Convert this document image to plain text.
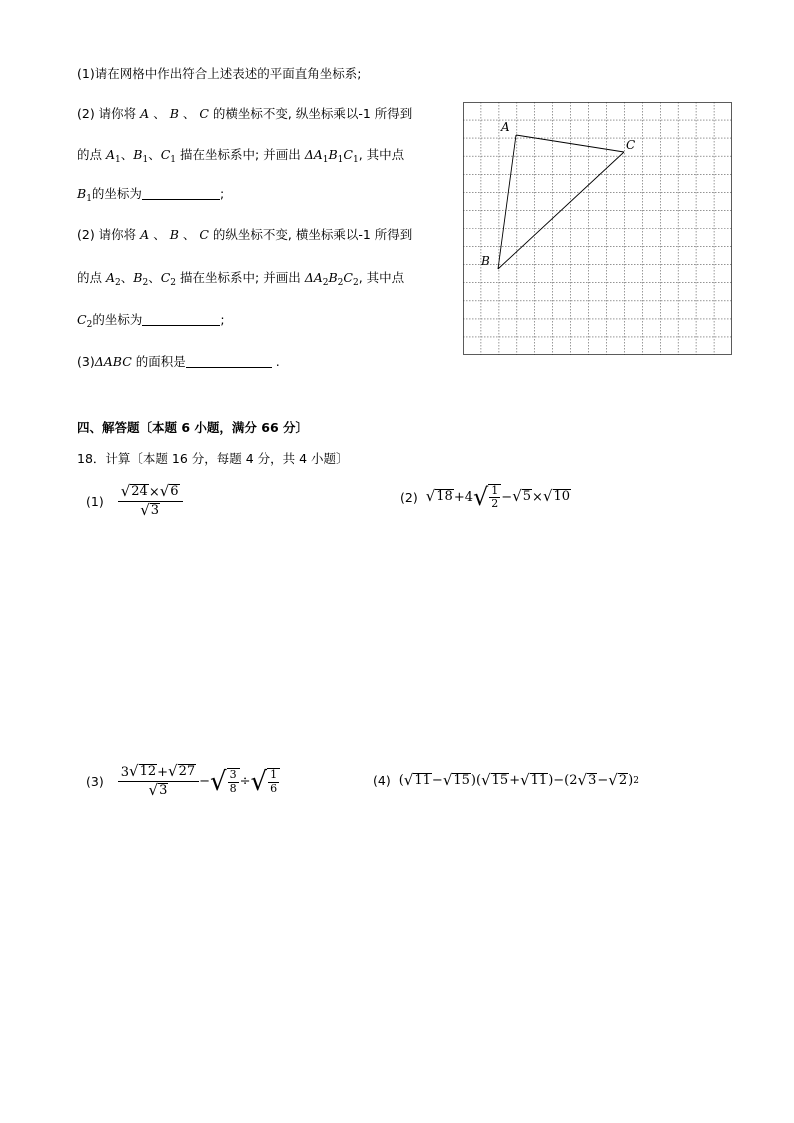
(1)请在网格中作出符合上述表述的平面直角坐标系;
(2) 请你将 A 、 B 、 C 的横坐标不变, 纵坐标乘以-1 所得到
的点 $A_1$、$B_1$、$C_1$ 描在坐标系中; 并画出 $\Delta A_1B_1C_1$, 其中点
$B_1$的坐标为	;
(2) 请你将 A 、 B 、 C 的纵坐标不变, 横坐标乘以-1 所得到
的点 $A_2$、$B_2$、$C_2$ 描在坐标系中; 并画出 $\Delta A_2B_2C_2$, 其中点
$C_2$的坐标为	;
(3)ΔABC 的面积是	.
A
C
B
四、解答题〔本题 6 小题，满分 66 分〕
18．计算〔本题 16 分，每题 4 分，共 4 小题〕
$(1) \frac{√ 24 \times √ 6}{√ 3}$	(2) √ 18 +4 √ $\frac{1}{2}$ − √ 5 × √ 10
$(3) \frac{3 √ 12 + √ 27}{√ 3}$ − √ $\frac{3}{8}$ ÷ √ $\frac{1}{6}$	(4) ( √ 11 − √ 15 )( √ 15 + √ 11 )−(2 √ 3 − √ 2 ) 2
